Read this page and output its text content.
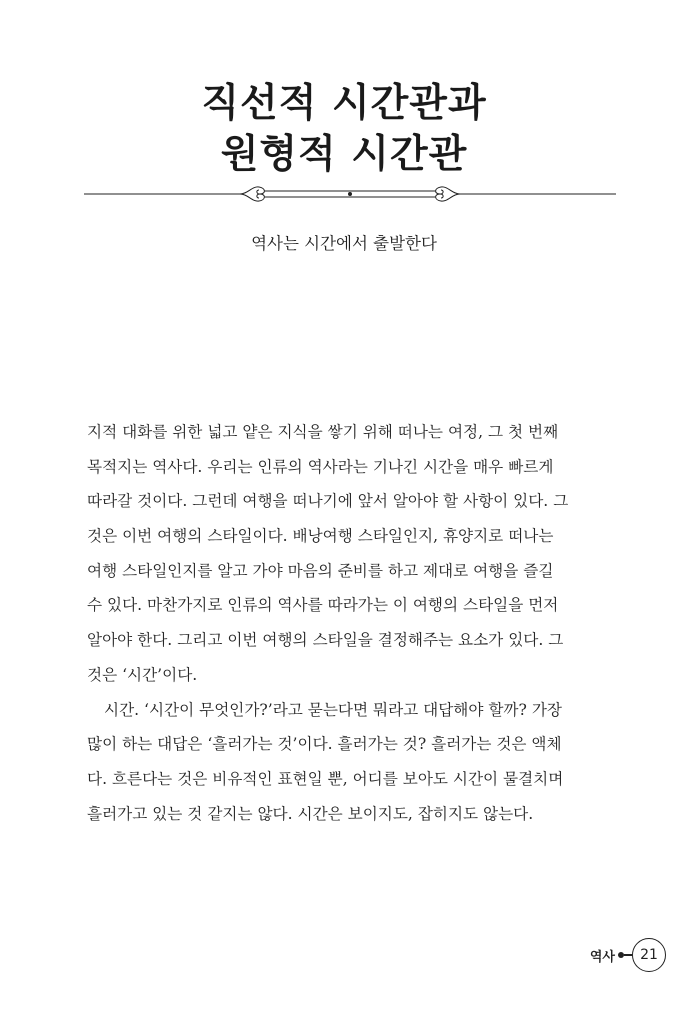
직선적 시간관과
원형적 시간관
역사는 시간에서 출발한다
지적 대화를 위한 넓고 얕은 지식을 쌓기 위해 떠나는 여정, 그 첫 번째
목적지는 역사다. 우리는 인류의 역사라는 기나긴 시간을 매우 빠르게
따라갈 것이다. 그런데 여행을 떠나기에 앞서 알아야 할 사항이 있다. 그
것은 이번 여행의 스타일이다. 배낭여행 스타일인지, 휴양지로 떠나는
여행 스타일인지를 알고 가야 마음의 준비를 하고 제대로 여행을 즐길
수 있다. 마찬가지로 인류의 역사를 따라가는 이 여행의 스타일을 먼저
알아야 한다. 그리고 이번 여행의 스타일을 결정해주는 요소가 있다. 그
것은 ‘시간’이다.
시간. ‘시간이 무엇인가?’라고 묻는다면 뭐라고 대답해야 할까? 가장
많이 하는 대답은 ‘흘러가는 것’이다. 흘러가는 것? 흘러가는 것은 액체
다. 흐른다는 것은 비유적인 표현일 뿐, 어디를 보아도 시간이 물결치며
흘러가고 있는 것 같지는 않다. 시간은 보이지도, 잡히지도 않는다.
역사	21
